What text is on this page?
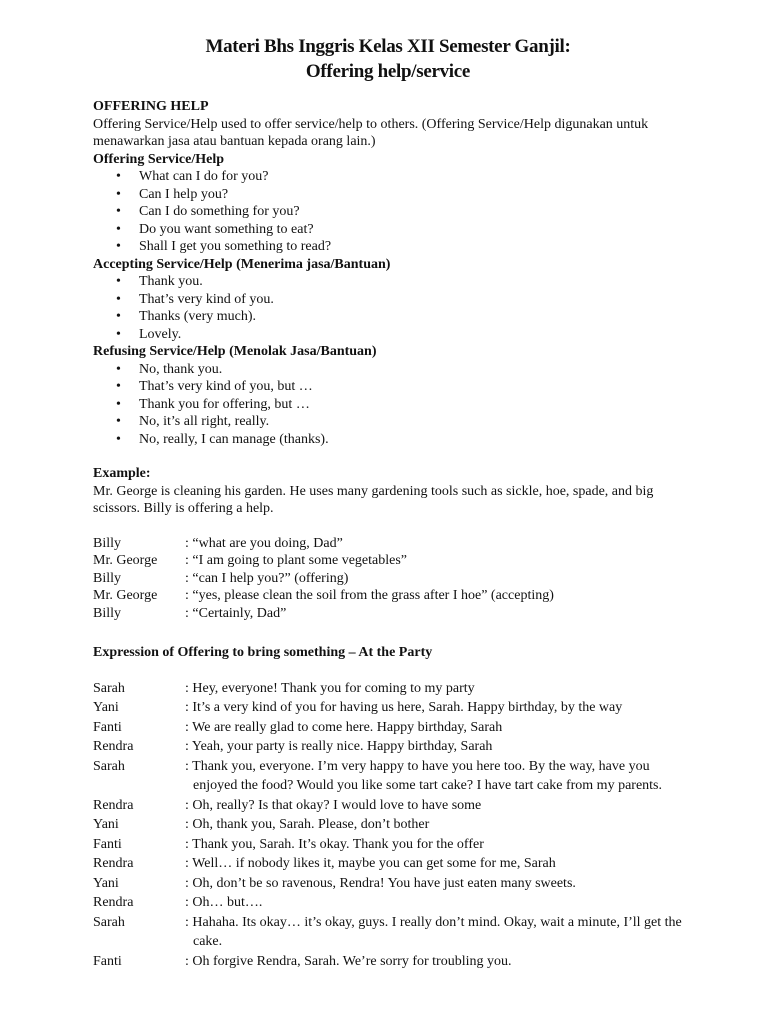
Materi Bhs Inggris Kelas XII Semester Ganjil:
Offering help/service

OFFERING HELP

Offering Service/Help used to offer service/help to others. (Offering Service/Help digunakan untuk menawarkan jasa atau bantuan kepada orang lain.)

Offering Service/Help

• What can I do for you?
• Can I help you?
• Can I do something for you?
• Do you want something to eat?
• Shall I get you something to read?

Accepting Service/Help (Menerima jasa/Bantuan)

• Thank you.
• That’s very kind of you.
• Thanks (very much).
• Lovely.

Refusing Service/Help (Menolak Jasa/Bantuan)

• No, thank you.
• That’s very kind of you, but …
• Thank you for offering, but …
• No, it’s all right, really.
• No, really, I can manage (thanks).

Example:

Mr. George is cleaning his garden. He uses many gardening tools such as sickle, hoe, spade, and big scissors. Billy is offering a help.

Billy	: “what are you doing, Dad”
Mr. George	: “I am going to plant some vegetables”
Billy	: “can I help you?” (offering)
Mr. George	: “yes, please clean the soil from the grass after I hoe” (accepting)
Billy	: “Certainly, Dad”

Expression of Offering to bring something – At the Party

Sarah	: Hey, everyone! Thank you for coming to my party
Yani	: It’s a very kind of you for having us here, Sarah. Happy birthday, by the way
Fanti	: We are really glad to come here. Happy birthday, Sarah
Rendra	: Yeah, your party is really nice. Happy birthday, Sarah
Sarah	: Thank you, everyone. I’m very happy to have you here too. By the way, have you enjoyed the food? Would you like some tart cake? I have tart cake from my parents.
Rendra	: Oh, really? Is that okay? I would love to have some
Yani	: Oh, thank you, Sarah. Please, don’t bother
Fanti	: Thank you, Sarah. It’s okay. Thank you for the offer
Rendra	: Well… if nobody likes it, maybe you can get some for me, Sarah
Yani	: Oh, don’t be so ravenous, Rendra! You have just eaten many sweets.
Rendra	: Oh… but….
Sarah	: Hahaha. Its okay… it’s okay, guys. I really don’t mind. Okay, wait a minute, I’ll get the cake.
Fanti	: Oh forgive Rendra, Sarah. We’re sorry for troubling you.
